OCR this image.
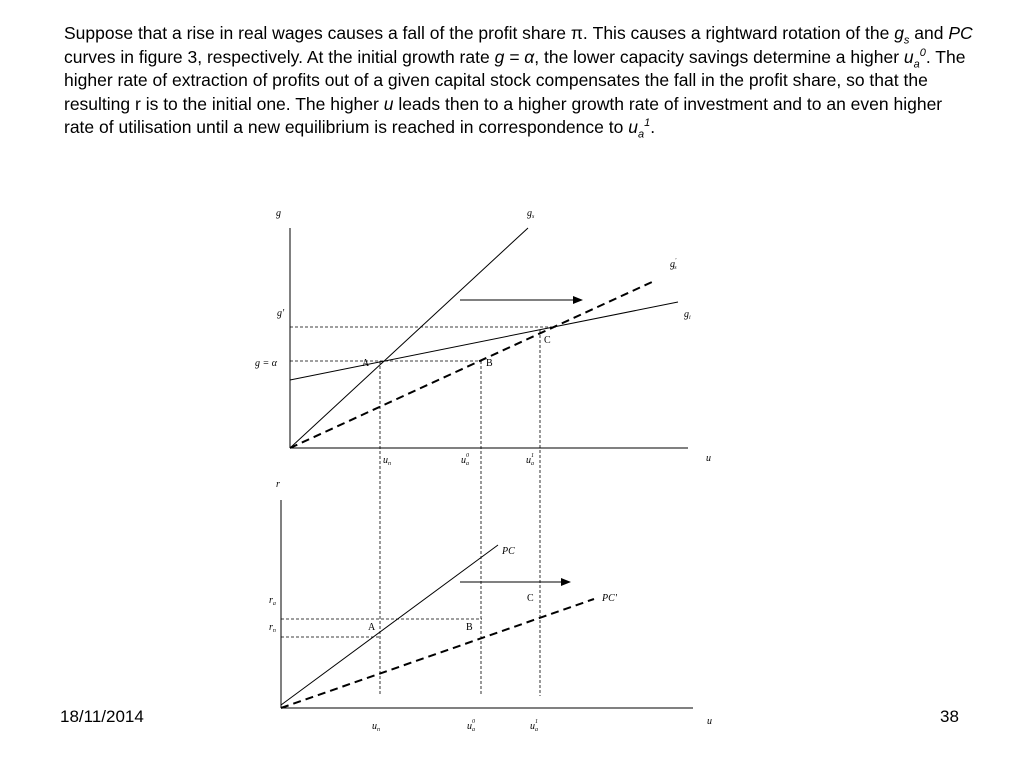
Suppose that a rise in real wages causes a fall of the profit share π. This causes a rightward rotation of the $g_s$ and PC curves in figure 3, respectively. At the initial growth rate g = α, the lower capacity savings determine a higher $u_a^0$. The higher rate of extraction of profits out of a given capital stock compensates the fall in the profit share, so that the resulting r is to the initial one. The higher u leads then to a higher growth rate of investment and to an even higher rate of utilisation until a new equilibrium is reached in correspondence to $u_a^1$.
g
u
$g_s$
g' s
$g_i$
g'
g = α	A	B
C
$u_n$	$u_a0$	$u_a1$
r
u
PC
PC'
$r_a$
$r_n$	A	B
C
$u_n$	$u_a0$	$u_a1$
18/11/2014	38
